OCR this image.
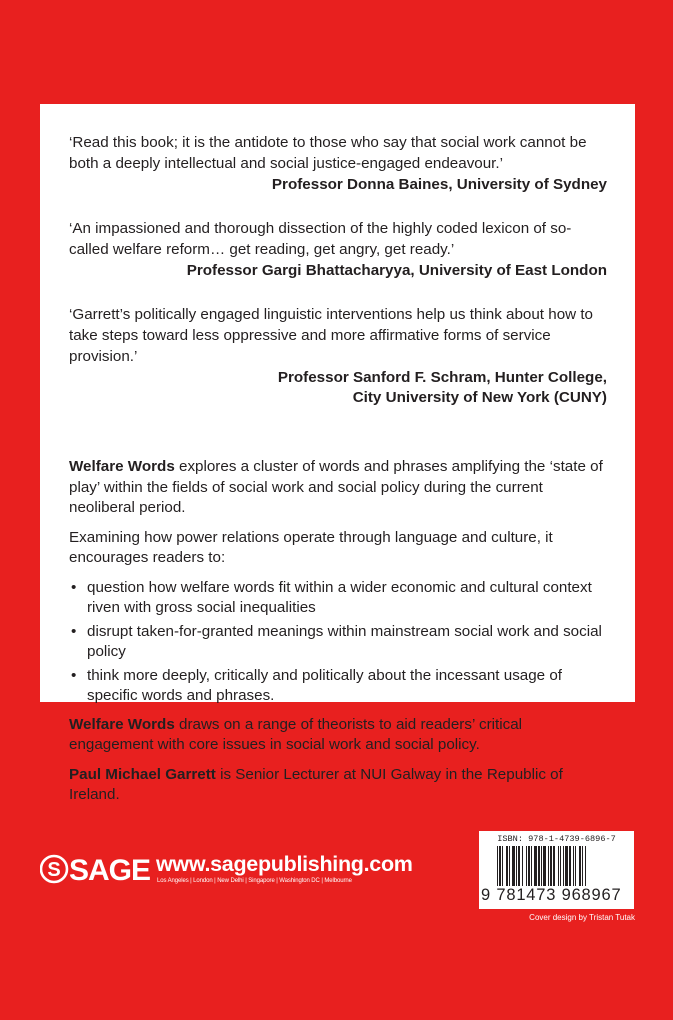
‘Read this book; it is the antidote to those who say that social work cannot be both a deeply intellectual and social justice-engaged endeavour.’

Professor Donna Baines, University of Sydney

‘An impassioned and thorough dissection of the highly coded lexicon of so-called welfare reform… get reading, get angry, get ready.’

Professor Gargi Bhattacharyya, University of East London

‘Garrett’s politically engaged linguistic interventions help us think about how to take steps toward less oppressive and more affirmative forms of service provision.’

Professor Sanford F. Schram, Hunter College,
City University of New York (CUNY)

Welfare Words explores a cluster of words and phrases amplifying the ‘state of play’ within the fields of social work and social policy during the current neoliberal period.

Examining how power relations operate through language and culture, it encourages readers to:

• question how welfare words fit within a wider economic and cultural context riven with gross social inequalities
• disrupt taken-for-granted meanings within mainstream social work and social policy
• think more deeply, critically and politically about the incessant usage of specific words and phrases.

Welfare Words draws on a range of theorists to aid readers’ critical engagement with core issues in social work and social policy.

Paul Michael Garrett is Senior Lecturer at NUI Galway in the Republic of Ireland.

S SAGE www.sagepublishing.com
Los Angeles | London | New Delhi | Singapore | Washington DC | Melbourne
ISBN: 978-1-4739-6896-7
9 781473 968967
Cover design by Tristan Tutak
